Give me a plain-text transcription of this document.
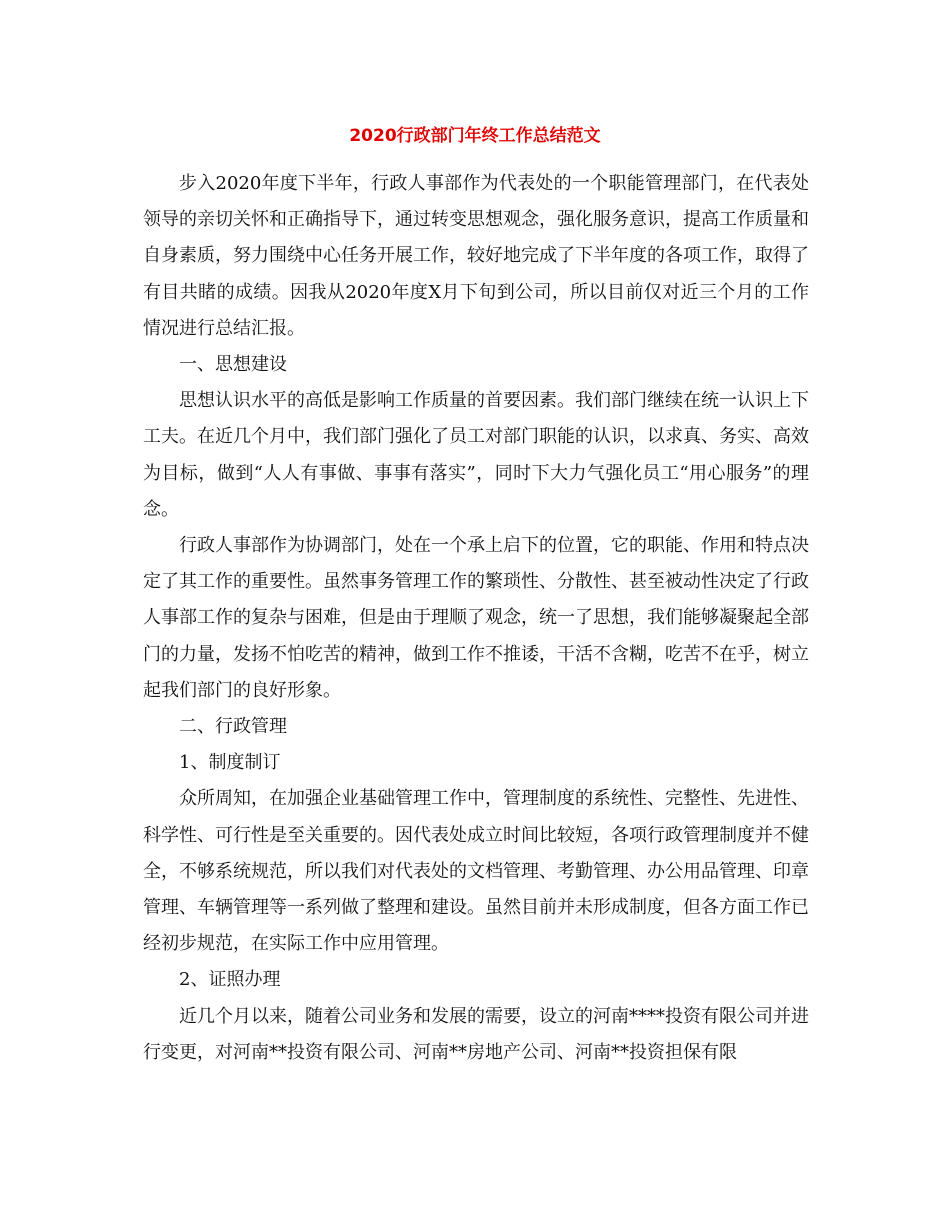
2020行政部门年终工作总结范文

步入2020年度下半年，行政人事部作为代表处的一个职能管理部门，在代表处领导的亲切关怀和正确指导下，通过转变思想观念，强化服务意识，提高工作质量和自身素质，努力围绕中心任务开展工作，较好地完成了下半年度的各项工作，取得了有目共睹的成绩。因我从2020年度X月下旬到公司，所以目前仅对近三个月的工作情况进行总结汇报。

一、思想建设

思想认识水平的高低是影响工作质量的首要因素。我们部门继续在统一认识上下工夫。在近几个月中，我们部门强化了员工对部门职能的认识，以求真、务实、高效为目标，做到“人人有事做、事事有落实”，同时下大力气强化员工“用心服务”的理念。

行政人事部作为协调部门，处在一个承上启下的位置，它的职能、作用和特点决定了其工作的重要性。虽然事务管理工作的繁琐性、分散性、甚至被动性决定了行政人事部工作的复杂与困难，但是由于理顺了观念，统一了思想，我们能够凝聚起全部门的力量，发扬不怕吃苦的精神，做到工作不推诿，干活不含糊，吃苦不在乎，树立起我们部门的良好形象。

二、行政管理

1、制度制订

众所周知，在加强企业基础管理工作中，管理制度的系统性、完整性、先进性、科学性、可行性是至关重要的。因代表处成立时间比较短，各项行政管理制度并不健全，不够系统规范，所以我们对代表处的文档管理、考勤管理、办公用品管理、印章管理、车辆管理等一系列做了整理和建设。虽然目前并未形成制度，但各方面工作已经初步规范，在实际工作中应用管理。

2、证照办理

近几个月以来，随着公司业务和发展的需要，设立的河南****投资有限公司并进行变更，对河南**投资有限公司、河南**房地产公司、河南**投资担保有限
